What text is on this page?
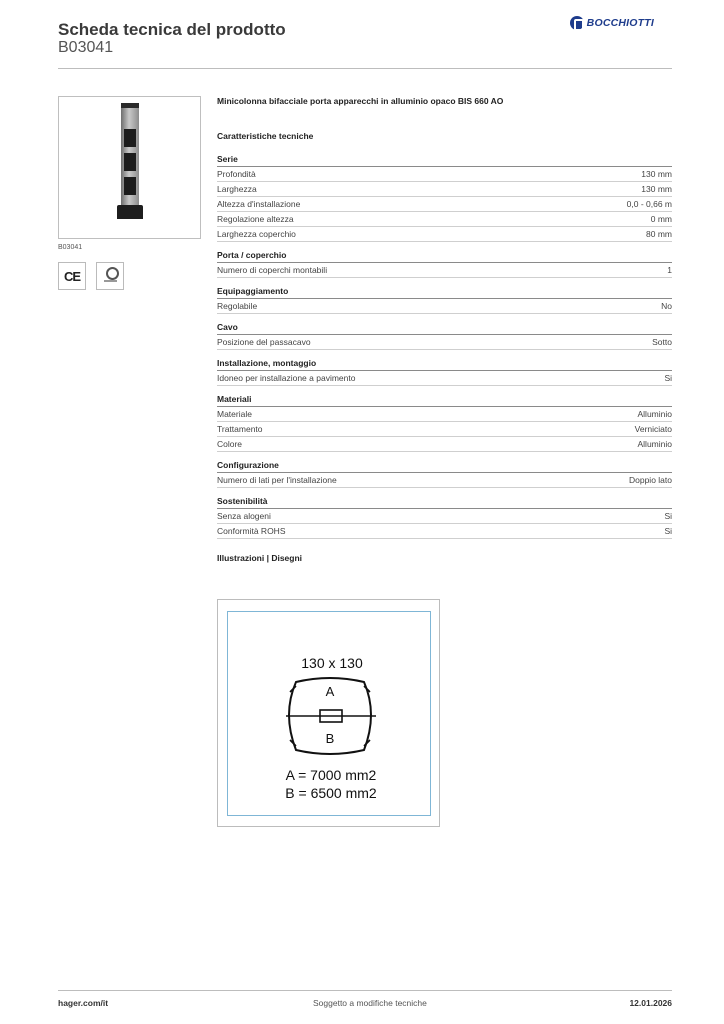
Scheda tecnica del prodotto
B03041
BOCCHIOTTI
B03041
CE
Minicolonna bifacciale porta apparecchi in alluminio opaco BIS 660 AO
Caratteristiche tecniche
Serie
Profondità	130 mm
Larghezza	130 mm
Altezza d'installazione	0,0 - 0,66 m
Regolazione altezza	0 mm
Larghezza coperchio	80 mm
Porta / coperchio
Numero di coperchi montabili	1
Equipaggiamento
Regolabile	No
Cavo
Posizione del passacavo	Sotto
Installazione, montaggio
Idoneo per installazione a pavimento	Si
Materiali
Materiale	Alluminio
Trattamento	Verniciato
Colore	Alluminio
Configurazione
Numero di lati per l'installazione	Doppio lato
Sostenibilità
Senza alogeni	Si
Conformità ROHS	Si
Illustrazioni | Disegni
130 x 130
A
B
A = 7000 mm2
B = 6500 mm2
hager.com/it	Soggetto a modifiche tecniche	12.01.2026
